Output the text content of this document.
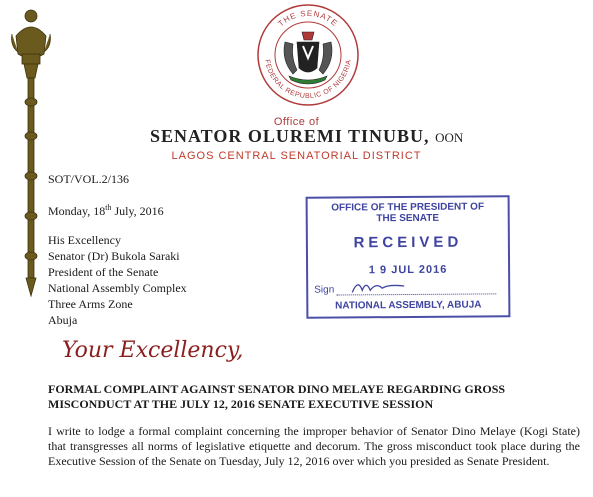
THE SENATE
FEDERAL REPUBLIC OF NIGERIA
Office of
SENATOR OLUREMI TINUBU, OON
LAGOS CENTRAL SENATORIAL DISTRICT
SOT/VOL.2/136
Monday, 18th July, 2016
His Excellency
Senator (Dr) Bukola Saraki
President of the Senate
National Assembly Complex
Three Arms Zone
Abuja
OFFICE OF THE PRESIDENT OF
THE SENATE
RECEIVED
1 9 JUL 2016
Sign
NATIONAL ASSEMBLY, ABUJA
Your Excellency,
FORMAL COMPLAINT AGAINST SENATOR DINO MELAYE REGARDING GROSS MISCONDUCT AT THE JULY 12, 2016 SENATE EXECUTIVE SESSION
I write to lodge a formal complaint concerning the improper behavior of Senator Dino Melaye (Kogi State) that transgresses all norms of legislative etiquette and decorum. The gross misconduct took place during the Executive Session of the Senate on Tuesday, July 12, 2016 over which you presided as Senate President.
